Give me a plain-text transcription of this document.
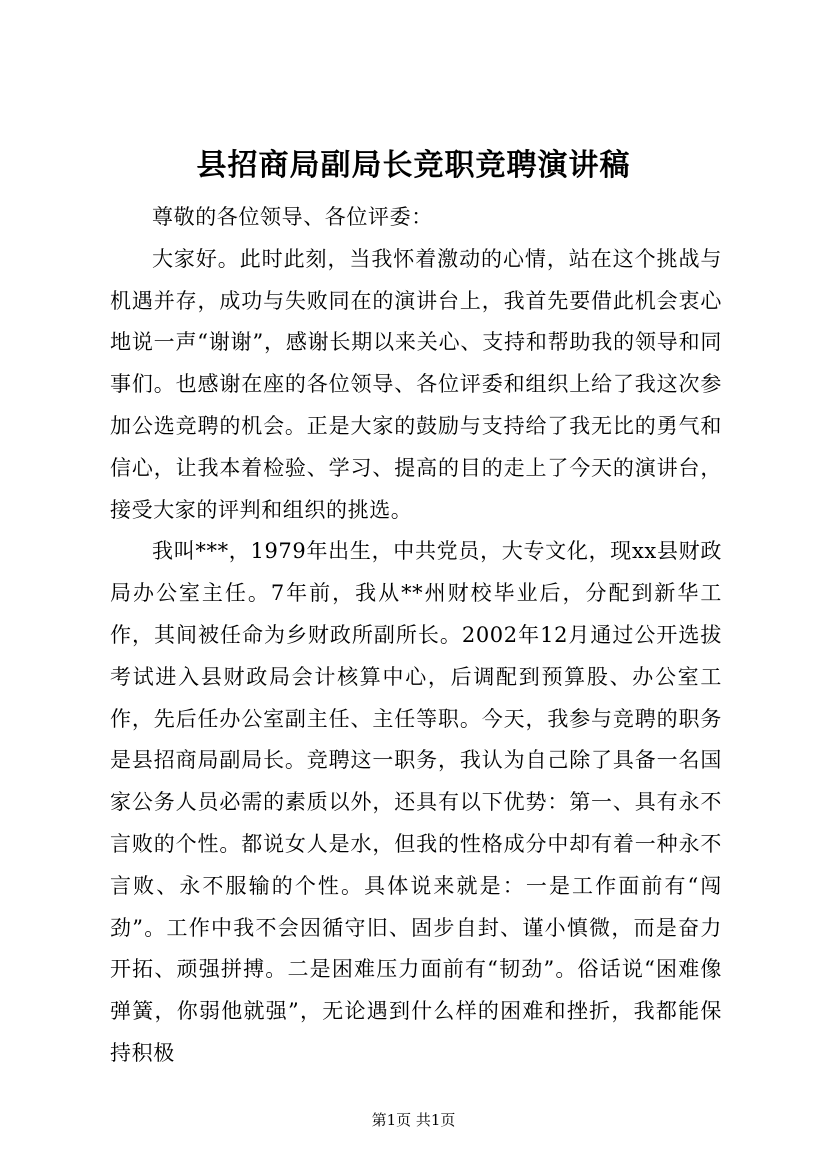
县招商局副局长竞职竞聘演讲稿

尊敬的各位领导、各位评委：

大家好。此时此刻，当我怀着激动的心情，站在这个挑战与机遇并存，成功与失败同在的演讲台上，我首先要借此机会衷心地说一声“谢谢”，感谢长期以来关心、支持和帮助我的领导和同事们。也感谢在座的各位领导、各位评委和组织上给了我这次参加公选竞聘的机会。正是大家的鼓励与支持给了我无比的勇气和信心，让我本着检验、学习、提高的目的走上了今天的演讲台，接受大家的评判和组织的挑选。

我叫***，1979年出生，中共党员，大专文化，现xx县财政局办公室主任。7年前，我从**州财校毕业后，分配到新华工作，其间被任命为乡财政所副所长。2002年12月通过公开选拔考试进入县财政局会计核算中心，后调配到预算股、办公室工作，先后任办公室副主任、主任等职。今天，我参与竞聘的职务是县招商局副局长。竞聘这一职务，我认为自己除了具备一名国家公务人员必需的素质以外，还具有以下优势：第一、具有永不言败的个性。都说女人是水，但我的性格成分中却有着一种永不言败、永不服输的个性。具体说来就是：一是工作面前有“闯劲”。工作中我不会因循守旧、固步自封、谨小慎微，而是奋力开拓、顽强拼搏。二是困难压力面前有“韧劲”。俗话说“困难像弹簧，你弱他就强”，无论遇到什么样的困难和挫折，我都能保持积极

第1页 共1页
